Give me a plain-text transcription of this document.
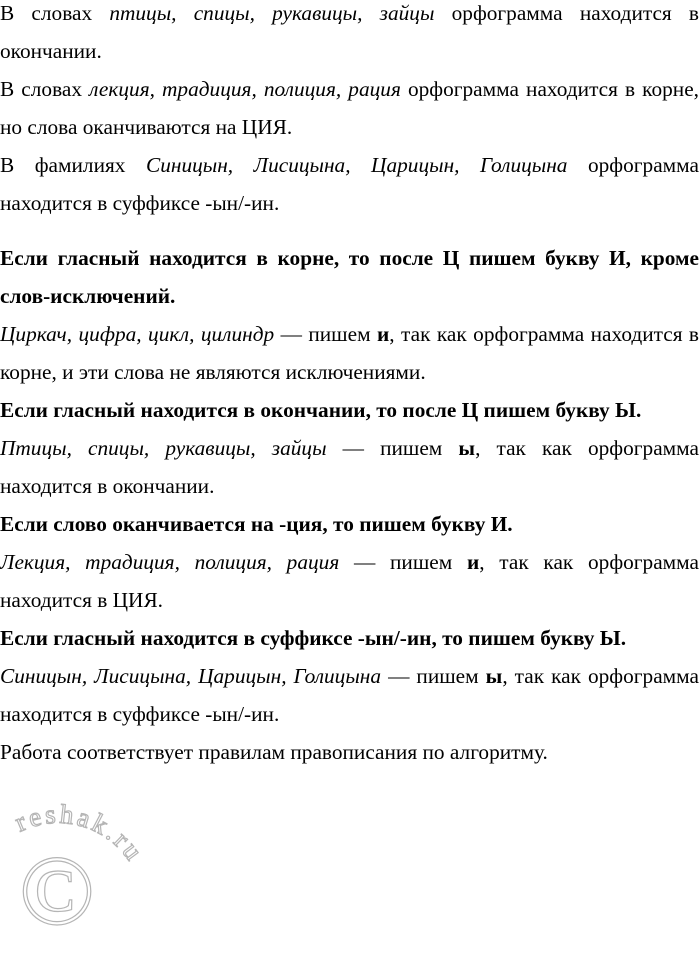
©
reshak.ru

В словах птицы, спицы, рукавицы, зайцы орфограмма находится в окончании.

В словах лекция, традиция, полиция, рация орфограмма находится в корне, но слова оканчиваются на ЦИЯ.

В фамилиях Синицын, Лисицына, Царицын, Голицына орфограмма находится в суффиксе -ын/-ин.

Если гласный находится в корне, то после Ц пишем букву И, кроме слов-исключений.

Циркач, цифра, цикл, цилиндр — пишем и, так как орфограмма находится в корне, и эти слова не являются исключениями.

Если гласный находится в окончании, то после Ц пишем букву Ы.

Птицы, спицы, рукавицы, зайцы — пишем ы, так как орфограмма находится в окончании.

Если слово оканчивается на -ция, то пишем букву И.

Лекция, традиция, полиция, рация — пишем и, так как орфограмма находится в ЦИЯ.

Если гласный находится в суффиксе -ын/-ин, то пишем букву Ы.

Синицын, Лисицына, Царицын, Голицына — пишем ы, так как орфограмма находится в суффиксе -ын/-ин.

Работа соответствует правилам правописания по алгоритму.
